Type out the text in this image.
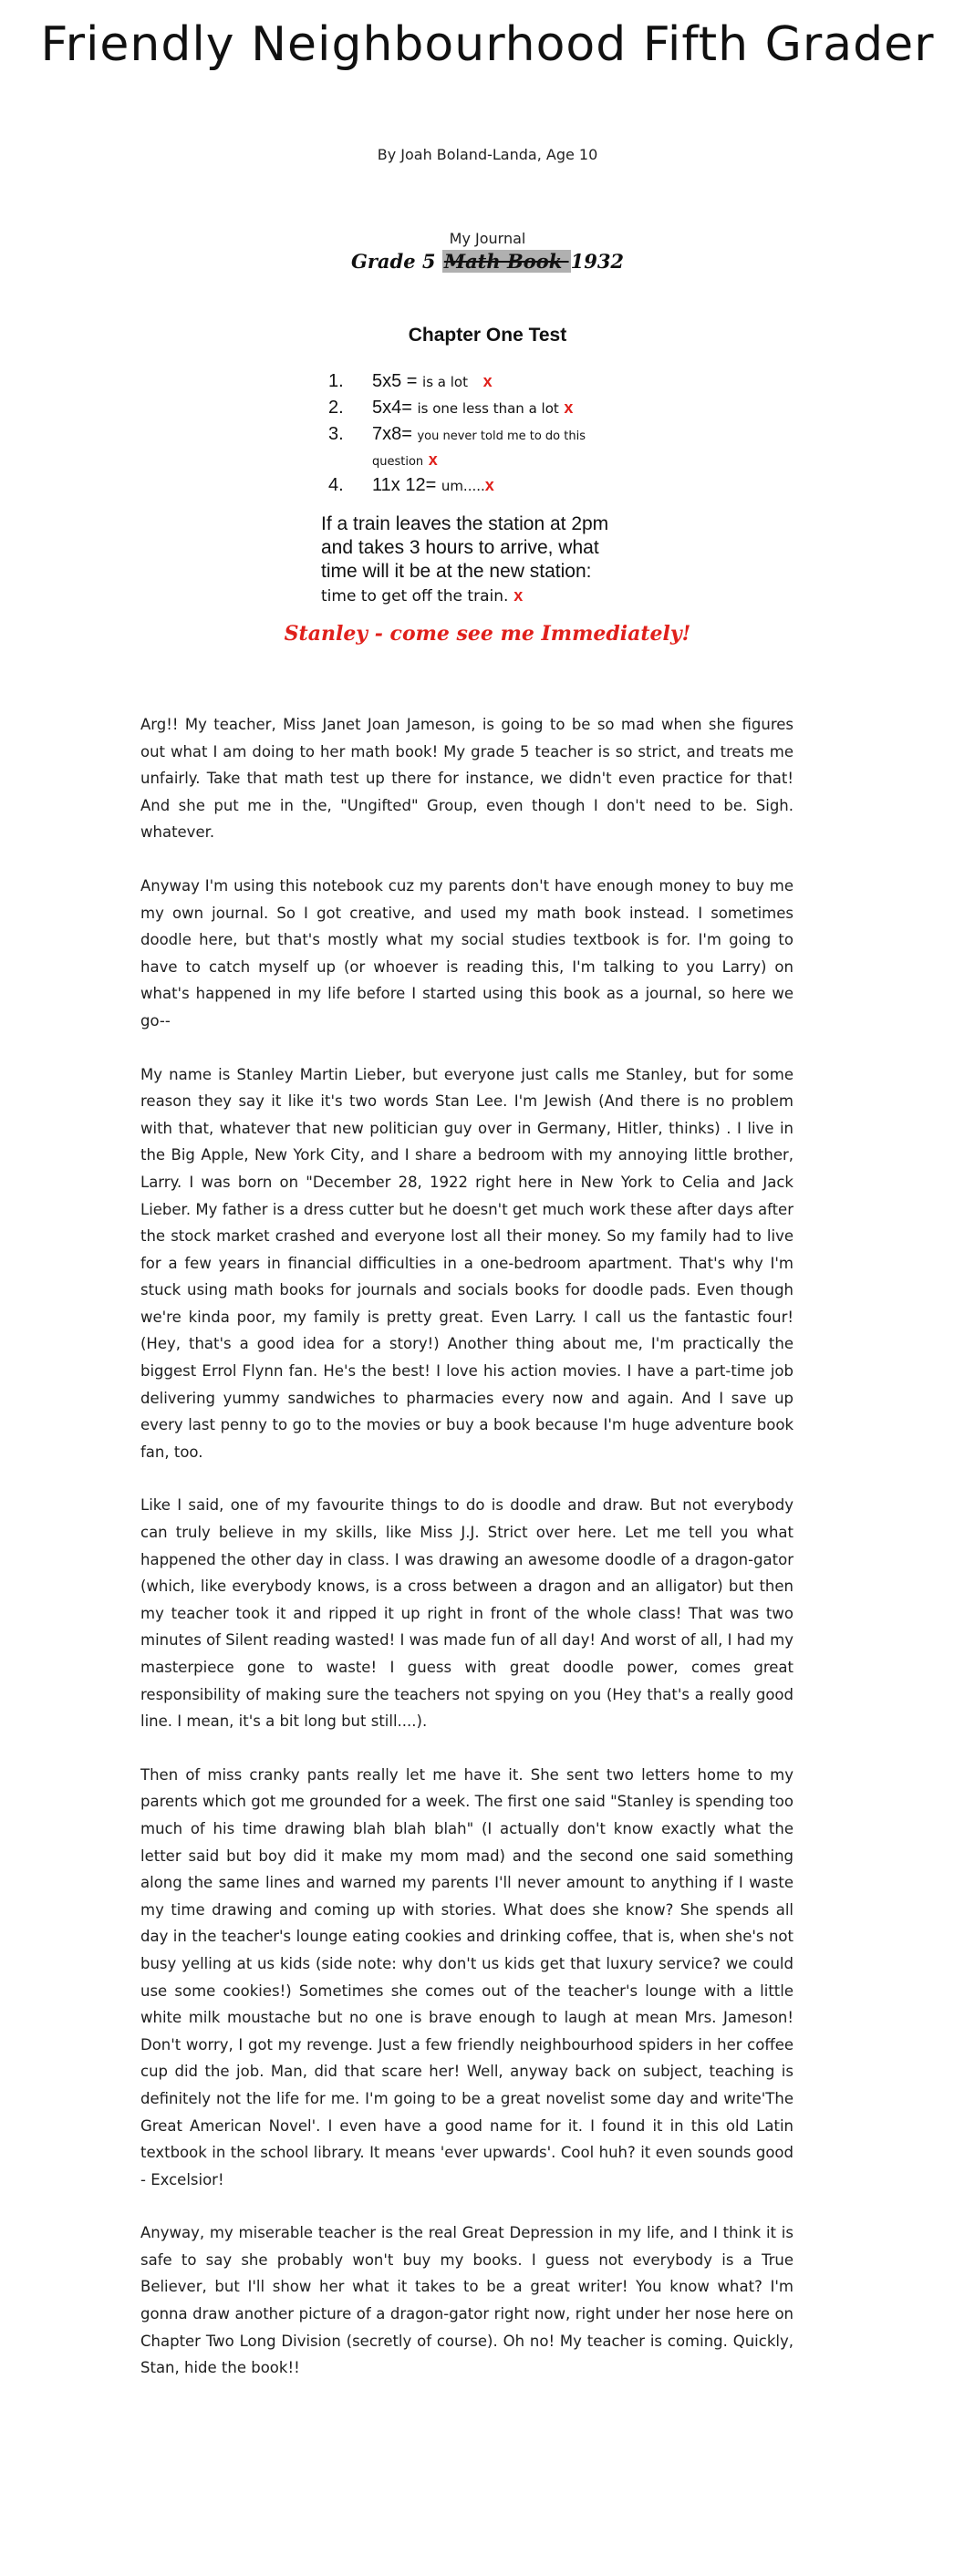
Friendly Neighbourhood Fifth Grader
By Joah Boland-Landa, Age 10
My Journal
Grade 5 Math Book 1932
Chapter One Test
1. 5x5 = is a lot x
2. 5x4= is one less than a lot x
3. 7x8= you never told me to do this question x
4. 11x 12= um.....x
If a train leaves the station at 2pm and takes 3 hours to arrive, what time will it be at the new station: time to get off the train. x
Stanley - come see me Immediately!

Arg!! My teacher, Miss Janet Joan Jameson, is going to be so mad when she figures out what I am doing to her math book! My grade 5 teacher is so strict, and treats me unfairly. Take that math test up there for instance, we didn't even practice for that! And she put me in the, "Ungifted" Group, even though I don't need to be. Sigh. whatever.

Anyway I'm using this notebook cuz my parents don't have enough money to buy me my own journal. So I got creative, and used my math book instead. I sometimes doodle here, but that's mostly what my social studies textbook is for. I'm going to have to catch myself up (or whoever is reading this, I'm talking to you Larry) on what's happened in my life before I started using this book as a journal, so here we go--

My name is Stanley Martin Lieber, but everyone just calls me Stanley, but for some reason they say it like it's two words Stan Lee. I'm Jewish (And there is no problem with that, whatever that new politician guy over in Germany, Hitler, thinks) . I live in the Big Apple, New York City, and I share a bedroom with my annoying little brother, Larry. I was born on "December 28, 1922 right here in New York to Celia and Jack Lieber. My father is a dress cutter but he doesn't get much work these after days after the stock market crashed and everyone lost all their money. So my family had to live for a few years in financial difficulties in a one-bedroom apartment. That's why I'm stuck using math books for journals and socials books for doodle pads. Even though we're kinda poor, my family is pretty great. Even Larry. I call us the fantastic four! (Hey, that's a good idea for a story!) Another thing about me, I'm practically the biggest Errol Flynn fan. He's the best! I love his action movies. I have a part-time job delivering yummy sandwiches to pharmacies every now and again. And I save up every last penny to go to the movies or buy a book because I'm huge adventure book fan, too.

Like I said, one of my favourite things to do is doodle and draw. But not everybody can truly believe in my skills, like Miss J.J. Strict over here. Let me tell you what happened the other day in class. I was drawing an awesome doodle of a dragon-gator (which, like everybody knows, is a cross between a dragon and an alligator) but then my teacher took it and ripped it up right in front of the whole class! That was two minutes of Silent reading wasted! I was made fun of all day! And worst of all, I had my masterpiece gone to waste! I guess with great doodle power, comes great responsibility of making sure the teachers not spying on you (Hey that's a really good line. I mean, it's a bit long but still....).

Then of miss cranky pants really let me have it. She sent two letters home to my parents which got me grounded for a week. The first one said "Stanley is spending too much of his time drawing blah blah blah" (I actually don't know exactly what the letter said but boy did it make my mom mad) and the second one said something along the same lines and warned my parents I'll never amount to anything if I waste my time drawing and coming up with stories. What does she know? She spends all day in the teacher's lounge eating cookies and drinking coffee, that is, when she's not busy yelling at us kids (side note: why don't us kids get that luxury service? we could use some cookies!) Sometimes she comes out of the teacher's lounge with a little white milk moustache but no one is brave enough to laugh at mean Mrs. Jameson! Don't worry, I got my revenge. Just a few friendly neighbourhood spiders in her coffee cup did the job. Man, did that scare her! Well, anyway back on subject, teaching is definitely not the life for me. I'm going to be a great novelist some day and write'The Great American Novel'. I even have a good name for it. I found it in this old Latin textbook in the school library. It means 'ever upwards'. Cool huh? it even sounds good - Excelsior!

Anyway, my miserable teacher is the real Great Depression in my life, and I think it is safe to say she probably won't buy my books. I guess not everybody is a True Believer, but I'll show her what it takes to be a great writer! You know what? I'm gonna draw another picture of a dragon-gator right now, right under her nose here on Chapter Two Long Division (secretly of course). Oh no! My teacher is coming. Quickly, Stan, hide the book!!
